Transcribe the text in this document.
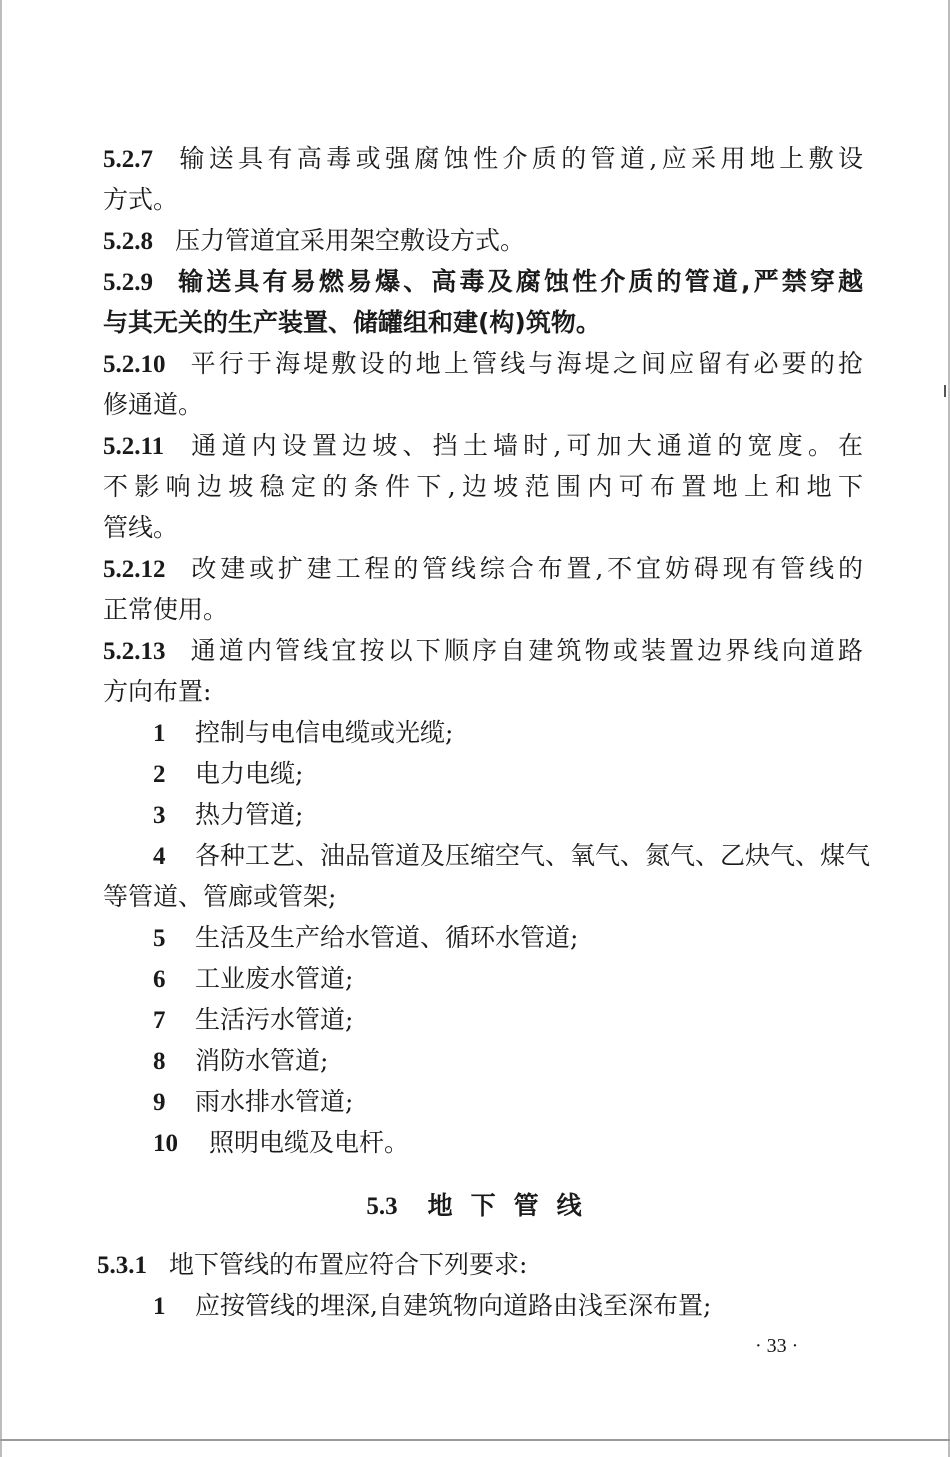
5.2.7 输送具有高毒或强腐蚀性介质的管道,应采用地上敷设
方式。
5.2.8 压力管道宜采用架空敷设方式。
5.2.9 输送具有易燃易爆、高毒及腐蚀性介质的管道,严禁穿越
与其无关的生产装置、储罐组和建(构)筑物。
5.2.10 平行于海堤敷设的地上管线与海堤之间应留有必要的抢
修通道。
5.2.11 通道内设置边坡、挡土墙时,可加大通道的宽度。在
不影响边坡稳定的条件下,边坡范围内可布置地上和地下
管线。
5.2.12 改建或扩建工程的管线综合布置,不宜妨碍现有管线的
正常使用。
5.2.13 通道内管线宜按以下顺序自建筑物或装置边界线向道路
方向布置:
1 控制与电信电缆或光缆;
2 电力电缆;
3 热力管道;
4 各种工艺、油品管道及压缩空气、氧气、氮气、乙炔气、煤气
等管道、管廊或管架;
5 生活及生产给水管道、循环水管道;
6 工业废水管道;
7 生活污水管道;
8 消防水管道;
9 雨水排水管道;
10 照明电缆及电杆。
5.3 地下管线
5.3.1 地下管线的布置应符合下列要求:
1 应按管线的埋深,自建筑物向道路由浅至深布置;
· 33 ·
